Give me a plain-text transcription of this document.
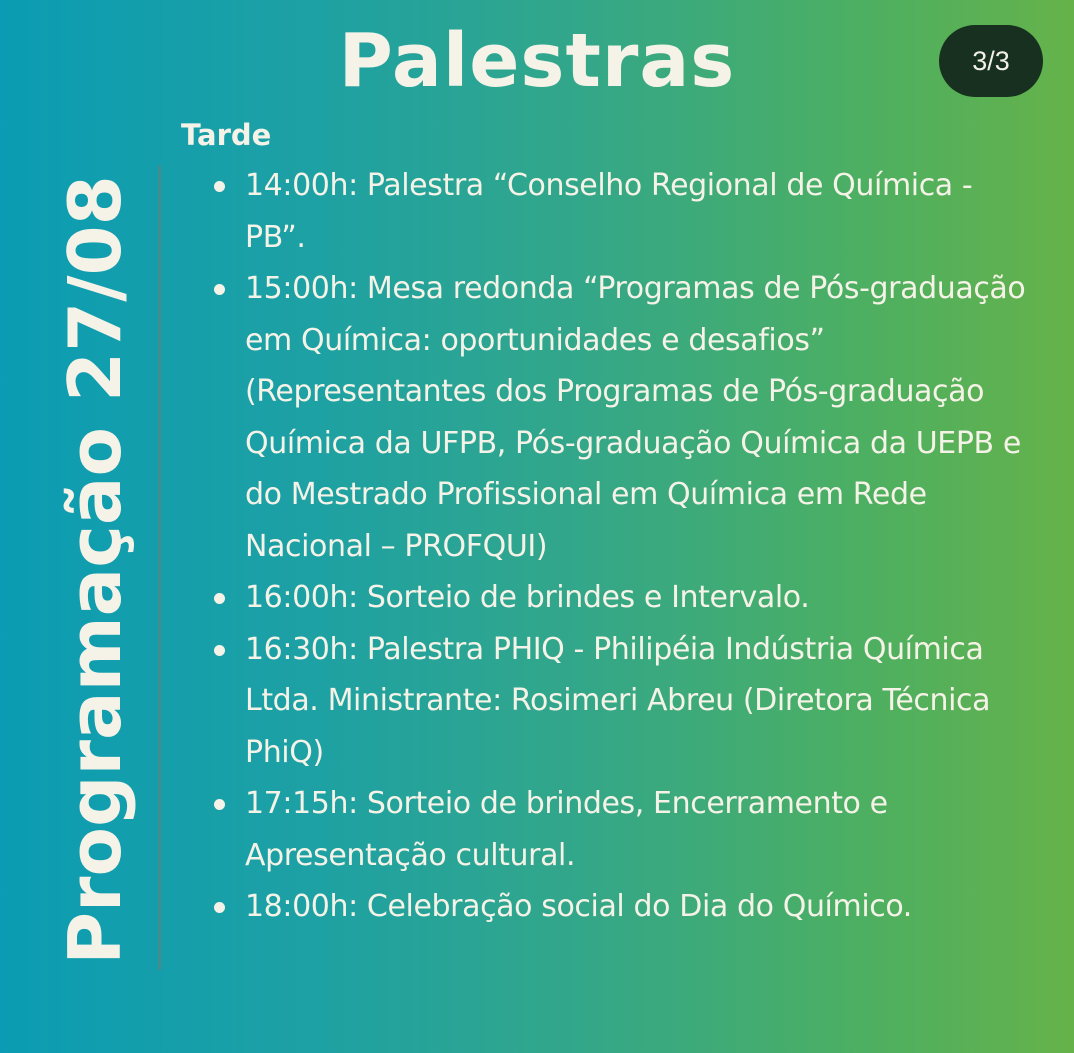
Palestras	3/3
Programação 27/08
Tarde
14:00h: Palestra “Conselho Regional de Química - PB”.
15:00h: Mesa redonda “Programas de Pós-graduação em Química: oportunidades e desafios” (Representantes dos Programas de Pós-graduação Química da UFPB, Pós-graduação Química da UEPB e do Mestrado Profissional em Química em Rede Nacional – PROFQUI)
16:00h: Sorteio de brindes e Intervalo.
16:30h: Palestra PHIQ - Philipéia Indústria Química Ltda. Ministrante: Rosimeri Abreu (Diretora Técnica PhiQ)
17:15h: Sorteio de brindes, Encerramento e Apresentação cultural.
18:00h: Celebração social do Dia do Químico.
